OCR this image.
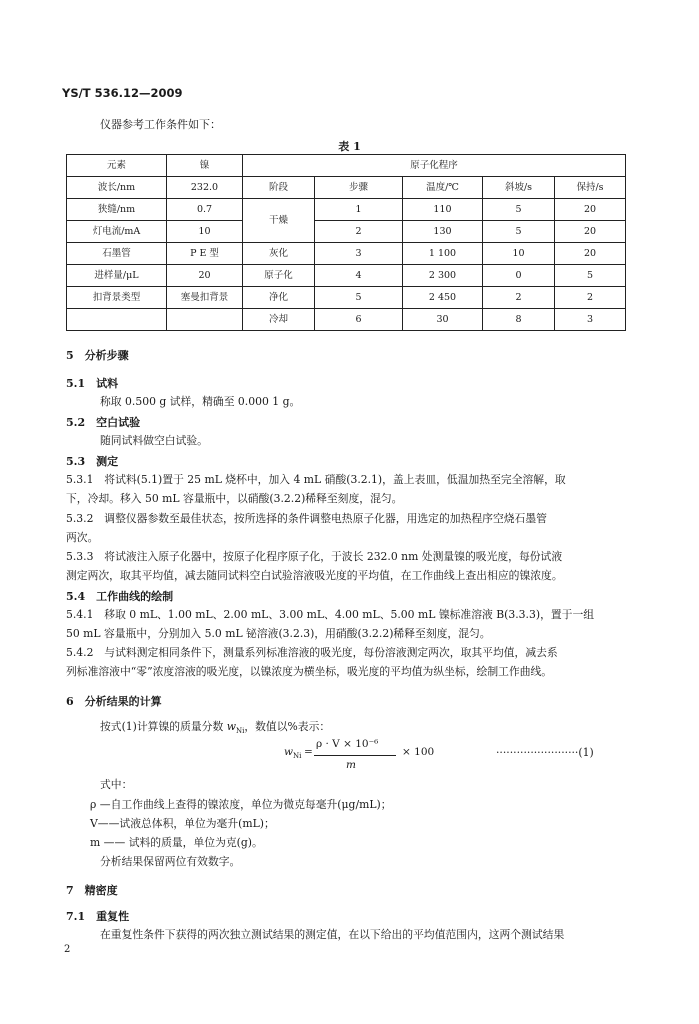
YS/T 536.12—2009
仪器参考工作条件如下：
表 1
元素	镍	原子化程序				
波长/nm	232.0	阶段	步骤	温度/℃	斜坡/s	保持/s
狭缝/nm	0.7	干燥	1	110	5	20
灯电流/mA	10		2	130	5	20
石墨管	P E 型	灰化	3	1 100	10	20
进样量/μL	20	原子化	4	2 300	0	5
扣背景类型	塞曼扣背景	净化	5	2 450	2	2
		冷却	6	30	8	3
5　分析步骤
5.1　试料
称取 0.500 g 试样，精确至 0.000 1 g。
5.2　空白试验
随同试料做空白试验。
5.3　测定
5.3.1　将试料(5.1)置于 25 mL 烧杯中，加入 4 mL 硝酸(3.2.1)，盖上表皿，低温加热至完全溶解，取
下，冷却。移入 50 mL 容量瓶中，以硝酸(3.2.2)稀释至刻度，混匀。
5.3.2　调整仪器参数至最佳状态，按所选择的条件调整电热原子化器，用选定的加热程序空烧石墨管
两次。
5.3.3　将试液注入原子化器中，按原子化程序原子化，于波长 232.0 nm 处测量镍的吸光度，每份试液
测定两次，取其平均值，减去随同试料空白试验溶液吸光度的平均值，在工作曲线上查出相应的镍浓度。
5.4　工作曲线的绘制
5.4.1　移取 0 mL、1.00 mL、2.00 mL、3.00 mL、4.00 mL、5.00 mL 镍标准溶液 B(3.3.3)，置于一组
50 mL 容量瓶中，分别加入 5.0 mL 铋溶液(3.2.3)，用硝酸(3.2.2)稀释至刻度，混匀。
5.4.2　与试料测定相同条件下，测量系列标准溶液的吸光度，每份溶液测定两次，取其平均值，减去系
列标准溶液中“零”浓度溶液的吸光度，以镍浓度为横坐标，吸光度的平均值为纵坐标，绘制工作曲线。
6　分析结果的计算
按式(1)计算镍的质量分数 $w_{Ni}$，数值以%表示：
$w_{Ni}$ =
ρ · V × 10⁻⁶
m
× 100	························(1)
式中：
ρ —自工作曲线上查得的镍浓度，单位为微克每毫升(μg/mL)；
V——试液总体积，单位为毫升(mL)；
m —— 试料的质量，单位为克(g)。
分析结果保留两位有效数字。
7　精密度
7.1　重复性
在重复性条件下获得的两次独立测试结果的测定值，在以下给出的平均值范围内，这两个测试结果
2
